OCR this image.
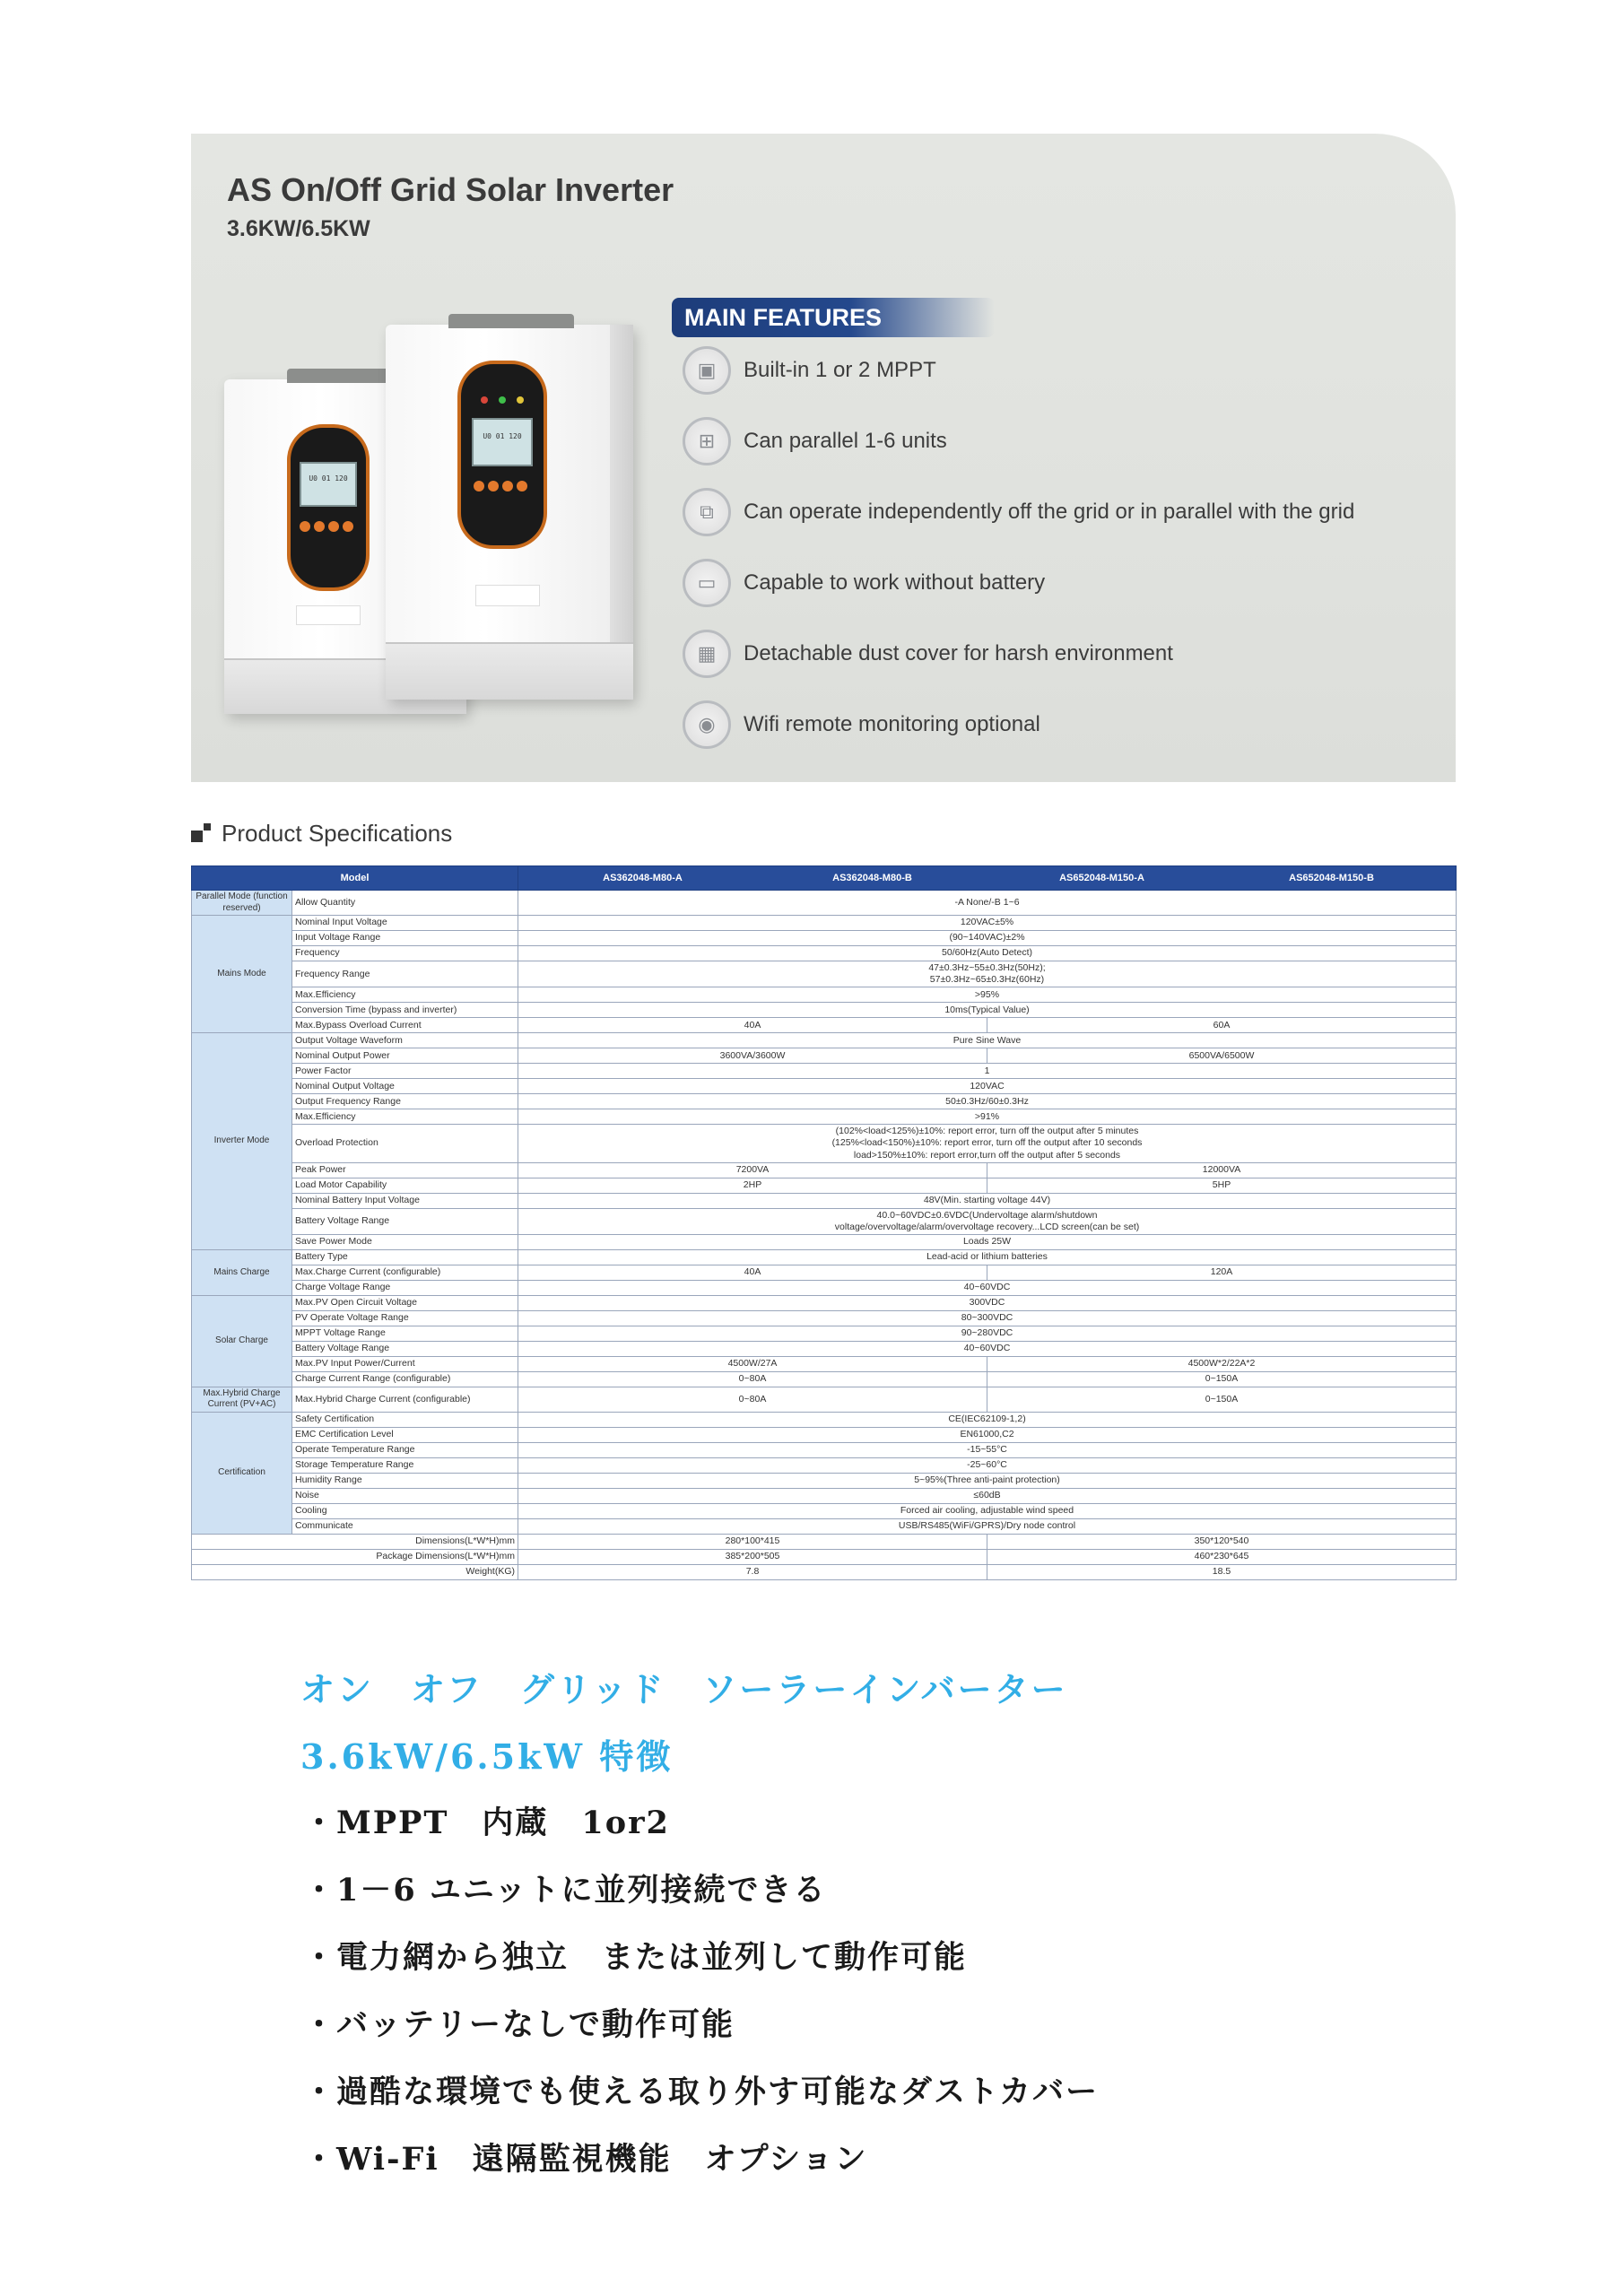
AS On/Off Grid Solar Inverter
3.6KW/6.5KW
U0 01 120
U0 01 120
MAIN FEATURES
▣	Built-in 1 or 2 MPPT
⊞	Can parallel 1-6 units
⧉	Can operate independently off the grid or in parallel with the grid
▭	Capable to work without battery
▦	Detachable dust cover for harsh environment
◉	Wifi remote monitoring optional
Product Specifications
Model		AS362048-M80-A AS362048-M80-B AS652048-M150-A AS652048-M150-B	
Parallel Mode (function reserved)	Allow Quantity	-A None/-B 1~6	
Mains Mode	Nominal Input Voltage	120VAC±5%	
	Input Voltage Range	(90~140VAC)±2%	
	Frequency	50/60Hz(Auto Detect)	
	Frequency Range	47±0.3Hz~55±0.3Hz(50Hz);
57±0.3Hz~65±0.3Hz(60Hz)	
	Max.Efficiency	>95%	
	Conversion Time (bypass and inverter)	10ms(Typical Value)	
	Max.Bypass Overload Current	40A	60A
Inverter Mode	Output Voltage Waveform	Pure Sine Wave	
	Nominal Output Power	3600VA/3600W	6500VA/6500W
	Power Factor	1	
	Nominal Output Voltage	120VAC	
	Output Frequency Range	50±0.3Hz/60±0.3Hz	
	Max.Efficiency	>91%	
	Overload Protection	(102%<load<125%)±10%: report error, turn off the output after 5 minutes
(125%<load<150%)±10%: report error, turn off the output after 10 seconds
load>150%±10%: report error,turn off the output after 5 seconds	
	Peak Power	7200VA	12000VA
	Load Motor Capability	2HP	5HP
	Nominal Battery Input Voltage	48V(Min. starting voltage 44V)	
	Battery Voltage Range	40.0~60VDC±0.6VDC(Undervoltage alarm/shutdown
voltage/overvoltage/alarm/overvoltage recovery...LCD screen(can be set)	
	Save Power Mode	Loads 25W	
Mains Charge	Battery Type	Lead-acid or lithium batteries	
	Max.Charge Current (configurable)	40A	120A
	Charge Voltage Range	40~60VDC	
Solar Charge	Max.PV Open Circuit Voltage	300VDC	
	PV Operate Voltage Range	80~300VDC	
	MPPT Voltage Range	90~280VDC	
	Battery Voltage Range	40~60VDC	
	Max.PV Input Power/Current	4500W/27A	4500W*2/22A*2
	Charge Current Range (configurable)	0~80A	0~150A
Max.Hybrid Charge Current (PV+AC)	Max.Hybrid Charge Current (configurable)	0~80A	0~150A
Certification	Safety Certification	CE(IEC62109-1,2)	
	EMC Certification Level	EN61000,C2	
	Operate Temperature Range	-15~55°C	
	Storage Temperature Range	-25~60°C	
	Humidity Range	5~95%(Three anti-paint protection)	
	Noise	≤60dB	
	Cooling	Forced air cooling, adjustable wind speed	
	Communicate	USB/RS485(WiFi/GPRS)/Dry node control	
Dimensions(L*W*H)mm		280*100*415	350*120*540
Package Dimensions(L*W*H)mm		385*200*505	460*230*645
Weight(KG)		7.8	18.5
オン　オフ　グリッド　ソーラーインバーター
3.6kW/6.5kW 特徴
・MPPT　内蔵　1or2
・1－6 ユニットに並列接続できる
・電力網から独立　または並列して動作可能
・バッテリーなしで動作可能
・過酷な環境でも使える取り外す可能なダストカバー
・Wi-Fi　遠隔監視機能　オプション
